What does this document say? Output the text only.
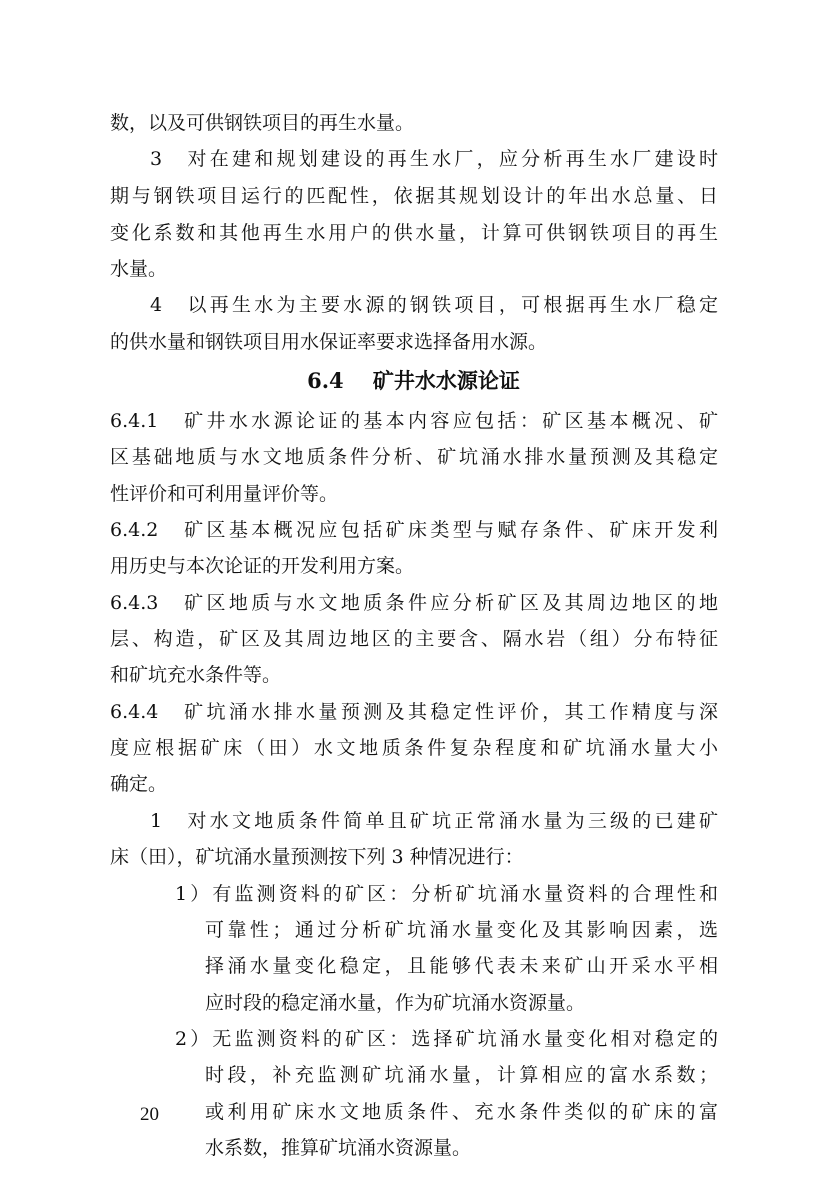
数，以及可供钢铁项目的再生水量。
3　对在建和规划建设的再生水厂，应分析再生水厂建设时
期与钢铁项目运行的匹配性，依据其规划设计的年出水总量、日
变化系数和其他再生水用户的供水量，计算可供钢铁项目的再生
水量。
4　以再生水为主要水源的钢铁项目，可根据再生水厂稳定
的供水量和钢铁项目用水保证率要求选择备用水源。
6.4 矿井水水源论证
6.4.1　矿井水水源论证的基本内容应包括：矿区基本概况、矿
区基础地质与水文地质条件分析、矿坑涌水排水量预测及其稳定
性评价和可利用量评价等。
6.4.2　矿区基本概况应包括矿床类型与赋存条件、矿床开发利
用历史与本次论证的开发利用方案。
6.4.3　矿区地质与水文地质条件应分析矿区及其周边地区的地
层、构造，矿区及其周边地区的主要含、隔水岩（组）分布特征
和矿坑充水条件等。
6.4.4　矿坑涌水排水量预测及其稳定性评价，其工作精度与深
度应根据矿床（田）水文地质条件复杂程度和矿坑涌水量大小
确定。
1　对水文地质条件简单且矿坑正常涌水量为三级的已建矿
床（田），矿坑涌水量预测按下列 3 种情况进行：
1）有监测资料的矿区：分析矿坑涌水量资料的合理性和
可靠性；通过分析矿坑涌水量变化及其影响因素，选
择涌水量变化稳定，且能够代表未来矿山开采水平相
应时段的稳定涌水量，作为矿坑涌水资源量。
2）无监测资料的矿区：选择矿坑涌水量变化相对稳定的
时段，补充监测矿坑涌水量，计算相应的富水系数；
或利用矿床水文地质条件、充水条件类似的矿床的富
水系数，推算矿坑涌水资源量。
20
